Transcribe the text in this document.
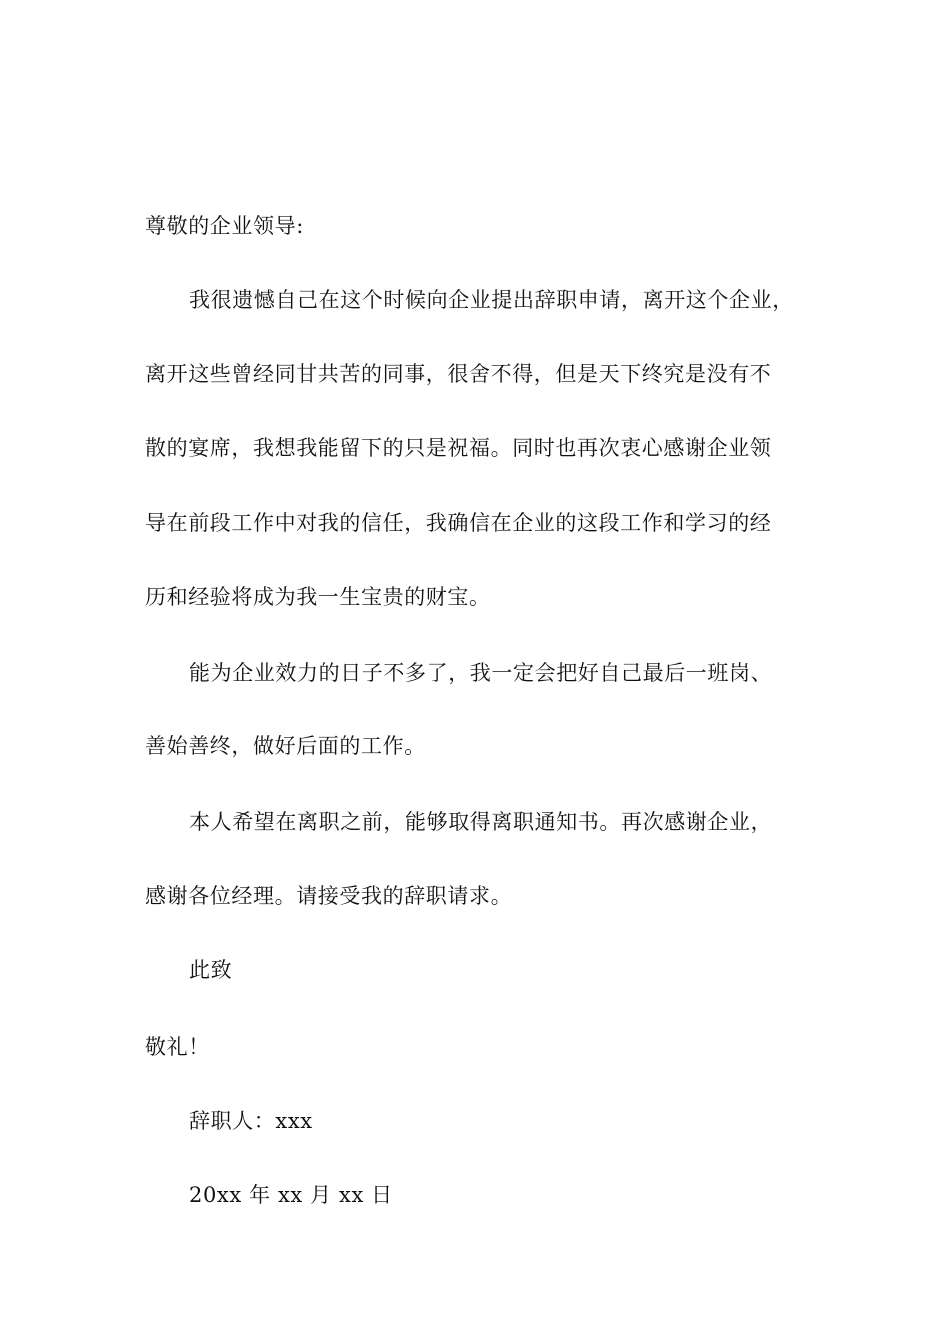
尊敬的企业领导:
我很遗憾自己在这个时候向企业提出辞职申请，离开这个企业，
离开这些曾经同甘共苦的同事，很舍不得，但是天下终究是没有不
散的宴席，我想我能留下的只是祝福。同时也再次衷心感谢企业领
导在前段工作中对我的信任，我确信在企业的这段工作和学习的经
历和经验将成为我一生宝贵的财宝。
能为企业效力的日子不多了，我一定会把好自己最后一班岗、
善始善终，做好后面的工作。
本人希望在离职之前，能够取得离职通知书。再次感谢企业，
感谢各位经理。请接受我的辞职请求。
此致
敬礼！
辞职人：xxx
20xx 年 xx 月 xx 日
